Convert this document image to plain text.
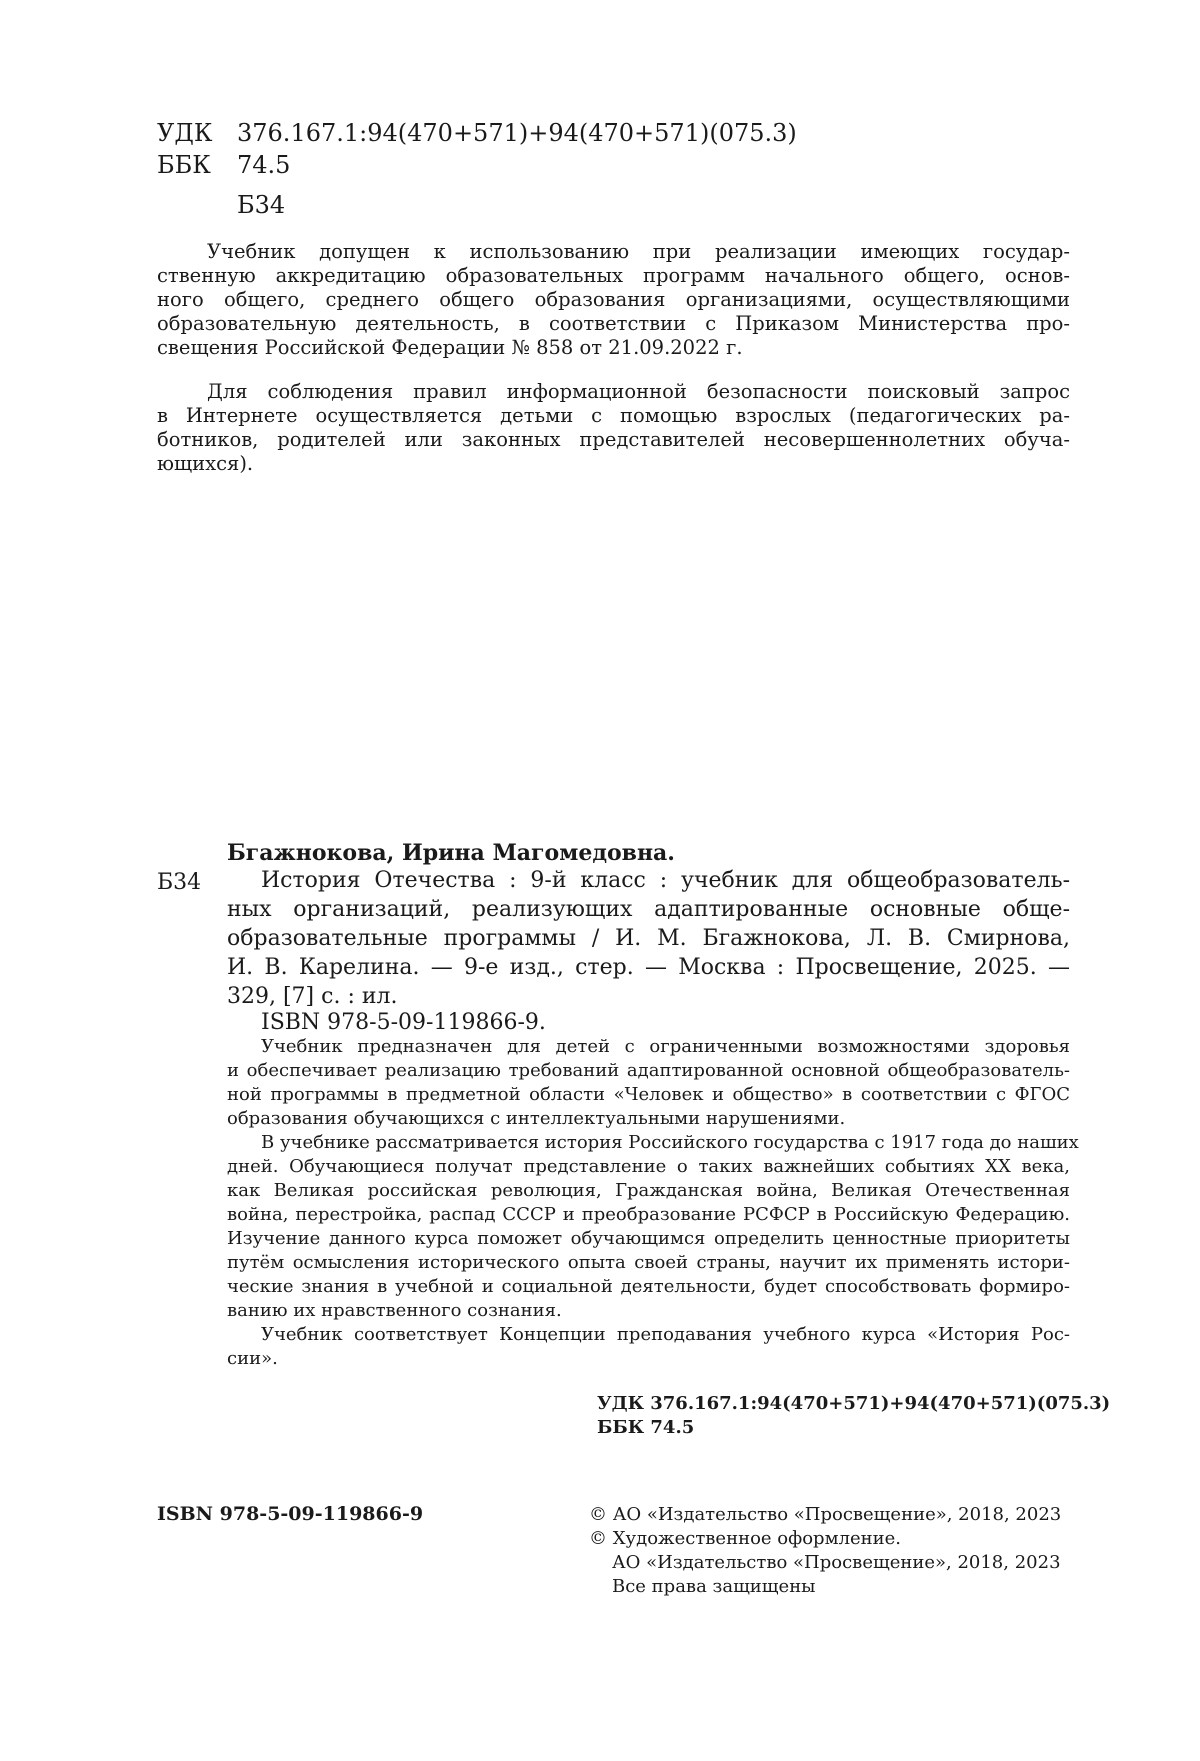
УДК 376.167.1:94(470+571)+94(470+571)(075.3)
ББК 74.5
Б34
Учебник допущен к использованию при реализации имеющих государ-
ственную аккредитацию образовательных программ начального общего, основ-
ного общего, среднего общего образования организациями, осуществляющими
образовательную деятельность, в соответствии с Приказом Министерства про-
свещения Российской Федерации № 858 от 21.09.2022 г.
Для соблюдения правил информационной безопасности поисковый запрос
в Интернете осуществляется детьми с помощью взрослых (педагогических ра-
ботников, родителей или законных представителей несовершеннолетних обуча-
ющихся).
Бгажнокова, Ирина Магомедовна.
Б34	История Отечества : 9-й класс : учебник для общеобразователь-
ных организаций, реализующих адаптированные основные обще-
образовательные программы / И. М. Бгажнокова, Л. В. Смирнова,
И. В. Карелина. — 9-е изд., стер. — Москва : Просвещение, 2025. —
329, [7] с. : ил.
ISBN 978-5-09-119866-9.
Учебник предназначен для детей с ограниченными возможностями здоровья
и обеспечивает реализацию требований адаптированной основной общеобразователь-
ной программы в предметной области «Человек и общество» в соответствии с ФГОС
образования обучающихся с интеллектуальными нарушениями.
В учебнике рассматривается история Российского государства с 1917 года до наших
дней. Обучающиеся получат представление о таких важнейших событиях XX века,
как Великая российская революция, Гражданская война, Великая Отечественная
война, перестройка, распад СССР и преобразование РСФСР в Российскую Федерацию.
Изучение данного курса поможет обучающимся определить ценностные приоритеты
путём осмысления исторического опыта своей страны, научит их применять истори-
ческие знания в учебной и социальной деятельности, будет способствовать формиро-
ванию их нравственного сознания.
Учебник соответствует Концепции преподавания учебного курса «История Рос-
сии».
УДК 376.167.1:94(470+571)+94(470+571)(075.3)
ББК 74.5
ISBN 978-5-09-119866-9	© АО «Издательство «Просвещение», 2018, 2023
© Художественное оформление.
АО «Издательство «Просвещение», 2018, 2023
Все права защищены
